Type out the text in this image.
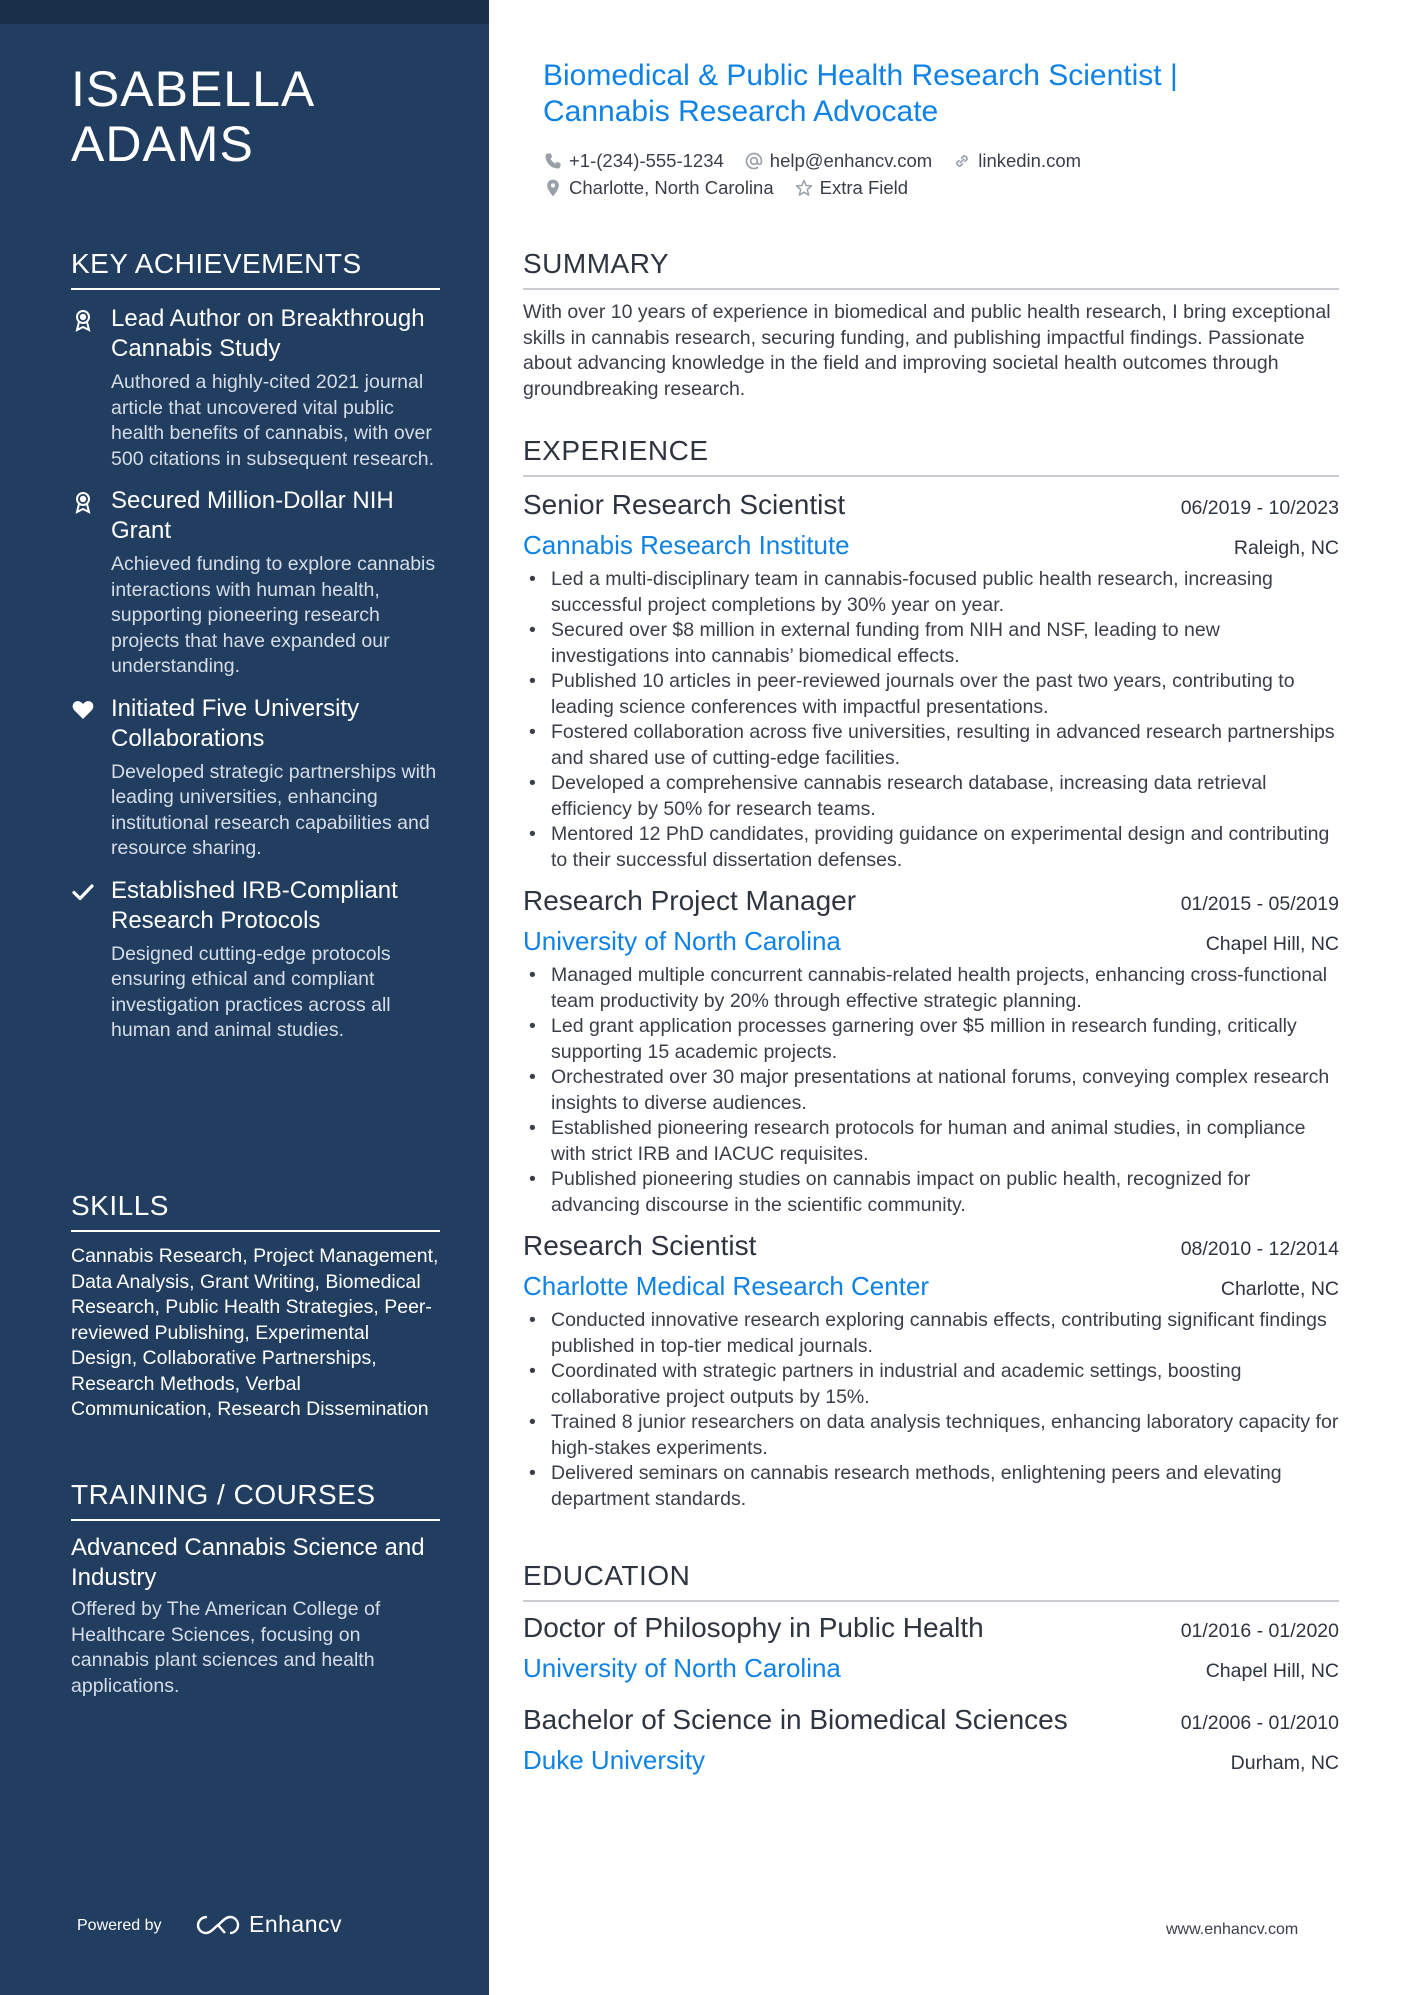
ISABELLA
ADAMS
KEY ACHIEVEMENTS
Lead Author on Breakthrough Cannabis Study
Authored a highly-cited 2021 journal article that uncovered vital public health benefits of cannabis, with over 500 citations in subsequent research.
Secured Million-Dollar NIH Grant
Achieved funding to explore cannabis interactions with human health, supporting pioneering research projects that have expanded our understanding.
Initiated Five University Collaborations
Developed strategic partnerships with leading universities, enhancing institutional research capabilities and resource sharing.
Established IRB-Compliant Research Protocols
Designed cutting-edge protocols ensuring ethical and compliant investigation practices across all human and animal studies.
SKILLS
Cannabis Research, Project Management, Data Analysis, Grant Writing, Biomedical Research, Public Health Strategies, Peer-reviewed Publishing, Experimental Design, Collaborative Partnerships, Research Methods, Verbal Communication, Research Dissemination
TRAINING / COURSES
Advanced Cannabis Science and Industry
Offered by The American College of Healthcare Sciences, focusing on cannabis plant sciences and health applications.
Powered by	Enhancv
Biomedical & Public Health Research Scientist |
Cannabis Research Advocate
+1-(234)-555-1234 help@enhancv.com linkedin.com
Charlotte, North Carolina Extra Field
SUMMARY
With over 10 years of experience in biomedical and public health research, I bring exceptional skills in cannabis research, securing funding, and publishing impactful findings. Passionate about advancing knowledge in the field and improving societal health outcomes through groundbreaking research.
EXPERIENCE
Senior Research Scientist	06/2019 - 10/2023
Cannabis Research Institute	Raleigh, NC
• Led a multi-disciplinary team in cannabis-focused public health research, increasing successful project completions by 30% year on year.
• Secured over $8 million in external funding from NIH and NSF, leading to new investigations into cannabis’ biomedical effects.
• Published 10 articles in peer-reviewed journals over the past two years, contributing to leading science conferences with impactful presentations.
• Fostered collaboration across five universities, resulting in advanced research partnerships and shared use of cutting-edge facilities.
• Developed a comprehensive cannabis research database, increasing data retrieval efficiency by 50% for research teams.
• Mentored 12 PhD candidates, providing guidance on experimental design and contributing to their successful dissertation defenses.
Research Project Manager	01/2015 - 05/2019
University of North Carolina	Chapel Hill, NC
• Managed multiple concurrent cannabis-related health projects, enhancing cross-functional team productivity by 20% through effective strategic planning.
• Led grant application processes garnering over $5 million in research funding, critically supporting 15 academic projects.
• Orchestrated over 30 major presentations at national forums, conveying complex research insights to diverse audiences.
• Established pioneering research protocols for human and animal studies, in compliance with strict IRB and IACUC requisites.
• Published pioneering studies on cannabis impact on public health, recognized for advancing discourse in the scientific community.
Research Scientist	08/2010 - 12/2014
Charlotte Medical Research Center	Charlotte, NC
• Conducted innovative research exploring cannabis effects, contributing significant findings published in top-tier medical journals.
• Coordinated with strategic partners in industrial and academic settings, boosting collaborative project outputs by 15%.
• Trained 8 junior researchers on data analysis techniques, enhancing laboratory capacity for high-stakes experiments.
• Delivered seminars on cannabis research methods, enlightening peers and elevating department standards.
EDUCATION
Doctor of Philosophy in Public Health	01/2016 - 01/2020
University of North Carolina	Chapel Hill, NC
Bachelor of Science in Biomedical Sciences	01/2006 - 01/2010
Duke University	Durham, NC
www.enhancv.com
